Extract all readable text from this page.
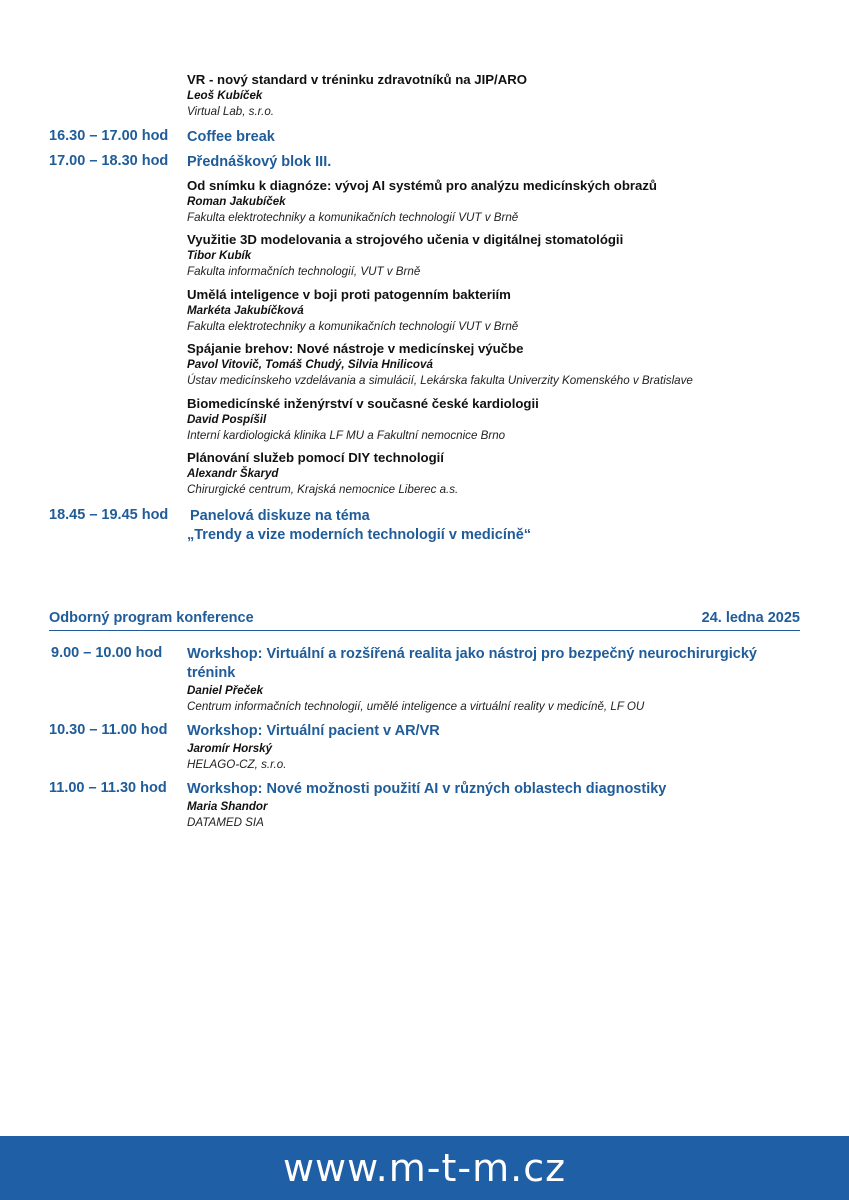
VR - nový standard v tréninku zdravotníků na JIP/ARO
Leoš Kubíček
Virtual Lab, s.r.o.
16.30 – 17.00 hod Coffee break
17.00 – 18.30 hod Přednáškový blok III.
Od snímku k diagnóze: vývoj AI systémů pro analýzu medicínských obrazů
Roman Jakubíček
Fakulta elektrotechniky a komunikačních technologií VUT v Brně
Využitie 3D modelovania a strojového učenia v digitálnej stomatológii
Tibor Kubík
Fakulta informačních technologií, VUT v Brně
Umělá inteligence v boji proti patogenním bakteriím
Markéta Jakubíčková
Fakulta elektrotechniky a komunikačních technologií VUT v Brně
Spájanie brehov: Nové nástroje v medicínskej výučbe
Pavol Vitovič, Tomáš Chudý, Silvia Hnilicová
Ústav medicínskeho vzdelávania a simulácií, Lekárska fakulta Univerzity Komenského v Bratislave
Biomedicínské inženýrství v současné české kardiologii
David Pospíšil
Interní kardiologická klinika LF MU a Fakultní nemocnice Brno
Plánování služeb pomocí DIY technologií
Alexandr Škaryd
Chirurgické centrum, Krajská nemocnice Liberec a.s.
18.45 – 19.45 hod Panelová diskuze na téma
„Trendy a vize moderních technologií v medicíně“
Odborný program konference	24. ledna 2025
9.00 – 10.00 hod Workshop: Virtuální a rozšířená realita jako nástroj pro bezpečný neurochirurgický trénink
Daniel Přeček
Centrum informačních technologií, umělé inteligence a virtuální reality v medicíně, LF OU
10.30 – 11.00 hod Workshop: Virtuální pacient v AR/VR
Jaromír Horský
HELAGO-CZ, s.r.o.
11.00 – 11.30 hod Workshop: Nové možnosti použití AI v různých oblastech diagnostiky
Maria Shandor
DATAMED SIA
www.m-t-m.cz
